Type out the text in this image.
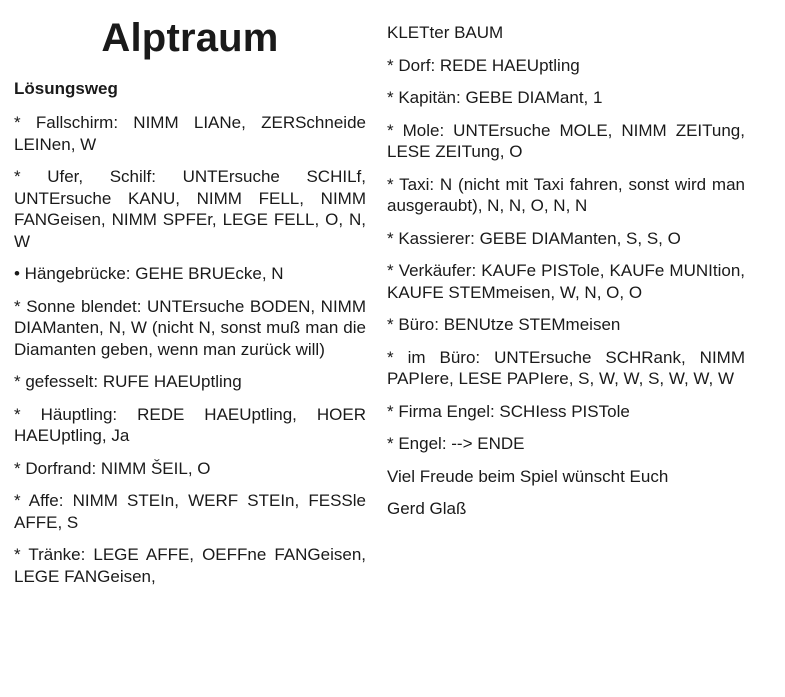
Alptraum
Lösungsweg
* Fallschirm: NIMM LIANe, ZERSchneide LEINen, W
* Ufer, Schilf: UNTErsuche SCHILf, UNTErsuche KANU, NIMM FELL, NIMM FANGeisen, NIMM SPFEr, LEGE FELL, O, N, W
• Hängebrücke: GEHE BRUEcke, N
* Sonne blendet: UNTErsuche BODEN, NIMM DIAManten, N, W (nicht N, sonst muß man die Diamanten geben, wenn man zurück will)
* gefesselt: RUFE HAEUptling
* Häuptling: REDE HAEUptling, HOER HAEUptling, Ja
* Dorfrand: NIMM ŠEIL, O
* Affe: NIMM STEIn, WERF STEIn, FESSle AFFE, S
* Tränke: LEGE AFFE, OEFFne FANGeisen, LEGE FANGeisen,
KLETter BAUM
* Dorf: REDE HAEUptling
* Kapitän: GEBE DIAMant, 1
* Mole: UNTErsuche MOLE, NIMM ZEITung, LESE ZEITung, O
* Taxi: N (nicht mit Taxi fahren, sonst wird man ausgeraubt), N, N, O, N, N
* Kassierer: GEBE DIAManten, S, S, O
* Verkäufer: KAUFe PISTole, KAUFe MUNItion, KAUFE STEMmeisen, W, N, O, O
* Büro: BENUtze STEMmeisen
* im Büro: UNTErsuche SCHRank, NIMM PAPIere, LESE PAPIere, S, W, W, S, W, W, W
* Firma Engel: SCHIess PISTole
* Engel: --> ENDE
Viel Freude beim Spiel wünscht Euch
Gerd Glaß
